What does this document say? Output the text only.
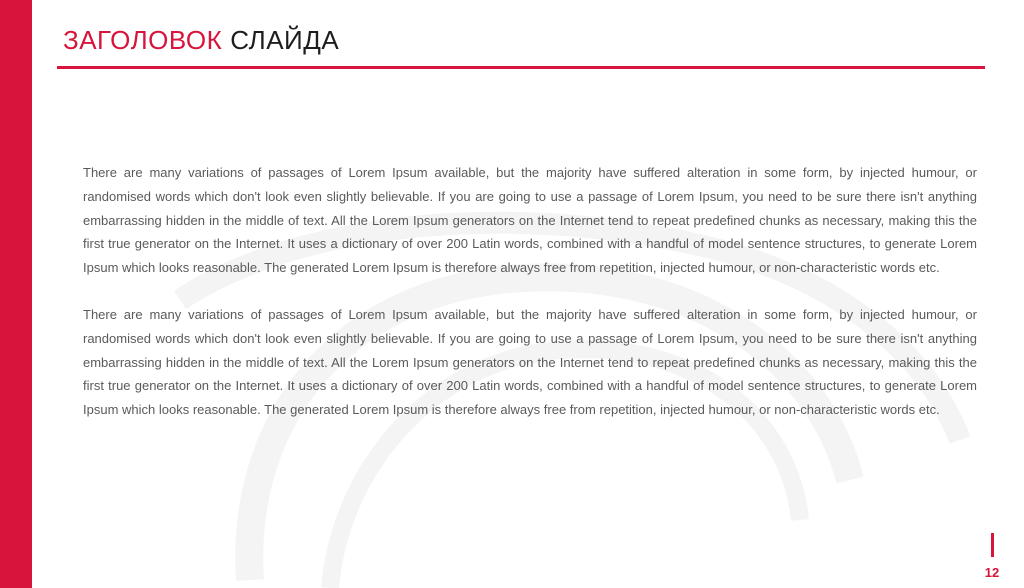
ЗАГОЛОВОК СЛАЙДА

There are many variations of passages of Lorem Ipsum available, but the majority have suffered alteration in some form, by injected humour, or randomised words which don't look even slightly believable. If you are going to use a passage of Lorem Ipsum, you need to be sure there isn't anything embarrassing hidden in the middle of text. All the Lorem Ipsum generators on the Internet tend to repeat predefined chunks as necessary, making this the first true generator on the Internet. It uses a dictionary of over 200 Latin words, combined with a handful of model sentence structures, to generate Lorem Ipsum which looks reasonable. The generated Lorem Ipsum is therefore always free from repetition, injected humour, or non-characteristic words etc.

There are many variations of passages of Lorem Ipsum available, but the majority have suffered alteration in some form, by injected humour, or randomised words which don't look even slightly believable. If you are going to use a passage of Lorem Ipsum, you need to be sure there isn't anything embarrassing hidden in the middle of text. All the Lorem Ipsum generators on the Internet tend to repeat predefined chunks as necessary, making this the first true generator on the Internet. It uses a dictionary of over 200 Latin words, combined with a handful of model sentence structures, to generate Lorem Ipsum which looks reasonable. The generated Lorem Ipsum is therefore always free from repetition, injected humour, or non-characteristic words etc.

12
